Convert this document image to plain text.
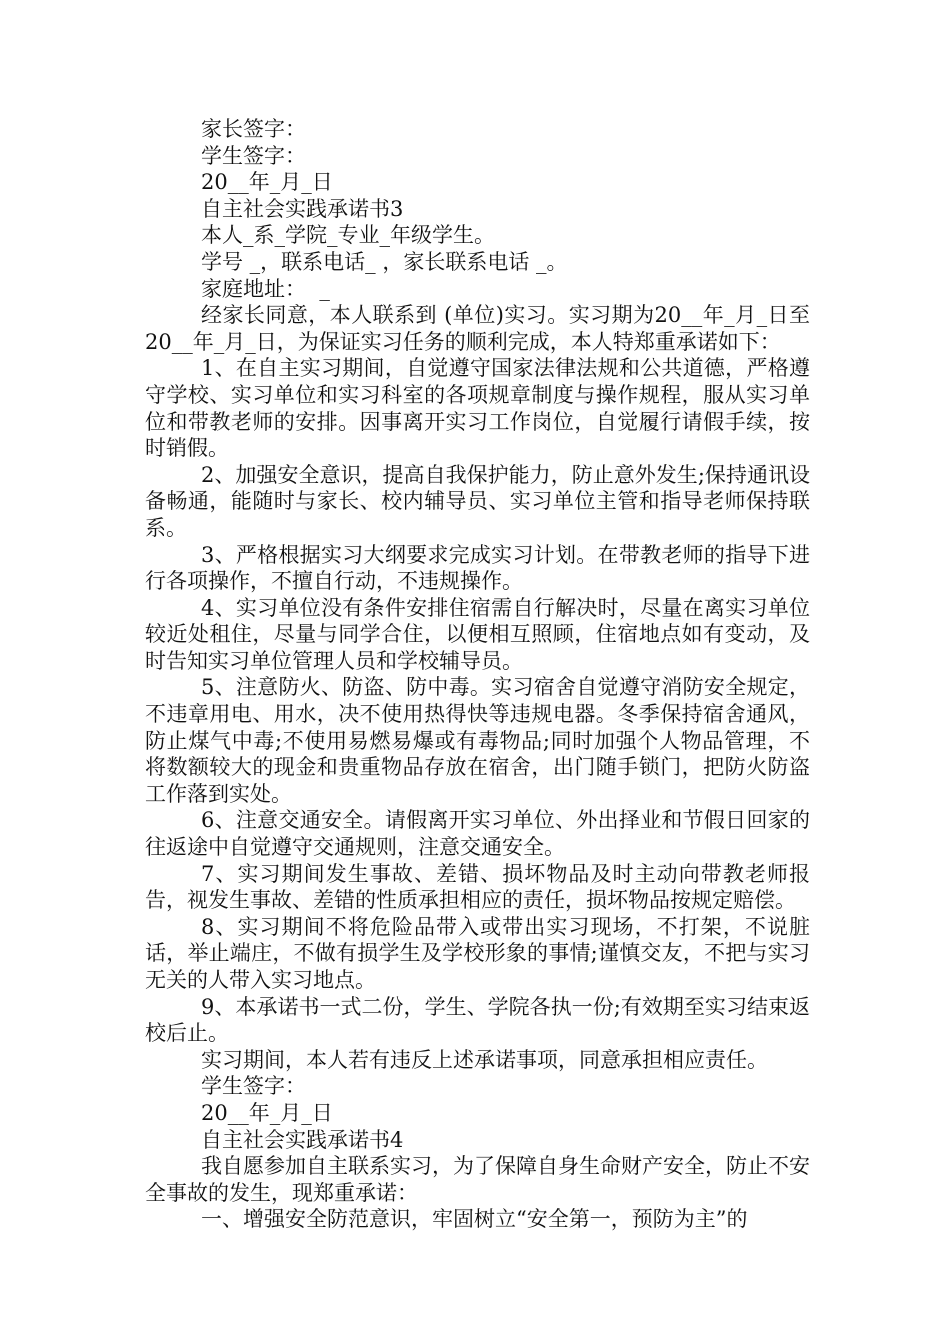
家长签字：
学生签字：
20__年_月_日
自主社会实践承诺书3
本人_系_学院_专业_年级学生。
学号 _，联系电话_ ，家长联系电话 _。
家庭地址：  _
经家长同意，本人联系到 (单位)实习。实习期为20__年_月_日至20__年_月_日，为保证实习任务的顺利完成，本人特郑重承诺如下：
1、在自主实习期间，自觉遵守国家法律法规和公共道德，严格遵守学校、实习单位和实习科室的各项规章制度与操作规程，服从实习单位和带教老师的安排。因事离开实习工作岗位，自觉履行请假手续，按时销假。
2、加强安全意识，提高自我保护能力，防止意外发生;保持通讯设备畅通，能随时与家长、校内辅导员、实习单位主管和指导老师保持联系。
3、严格根据实习大纲要求完成实习计划。在带教老师的指导下进行各项操作，不擅自行动，不违规操作。
4、实习单位没有条件安排住宿需自行解决时，尽量在离实习单位较近处租住，尽量与同学合住，以便相互照顾，住宿地点如有变动，及时告知实习单位管理人员和学校辅导员。
5、注意防火、防盗、防中毒。实习宿舍自觉遵守消防安全规定，不违章用电、用水，决不使用热得快等违规电器。冬季保持宿舍通风，防止煤气中毒;不使用易燃易爆或有毒物品;同时加强个人物品管理，不将数额较大的现金和贵重物品存放在宿舍，出门随手锁门，把防火防盗工作落到实处。
6、注意交通安全。请假离开实习单位、外出择业和节假日回家的往返途中自觉遵守交通规则，注意交通安全。
7、实习期间发生事故、差错、损坏物品及时主动向带教老师报告，视发生事故、差错的性质承担相应的责任，损坏物品按规定赔偿。
8、实习期间不将危险品带入或带出实习现场，不打架，不说脏话，举止端庄，不做有损学生及学校形象的事情;谨慎交友，不把与实习无关的人带入实习地点。
9、本承诺书一式二份，学生、学院各执一份;有效期至实习结束返校后止。
实习期间，本人若有违反上述承诺事项，同意承担相应责任。
学生签字：
20__年_月_日
自主社会实践承诺书4
我自愿参加自主联系实习，为了保障自身生命财产安全，防止不安全事故的发生，现郑重承诺：
一、增强安全防范意识，牢固树立“安全第一，预防为主”的
